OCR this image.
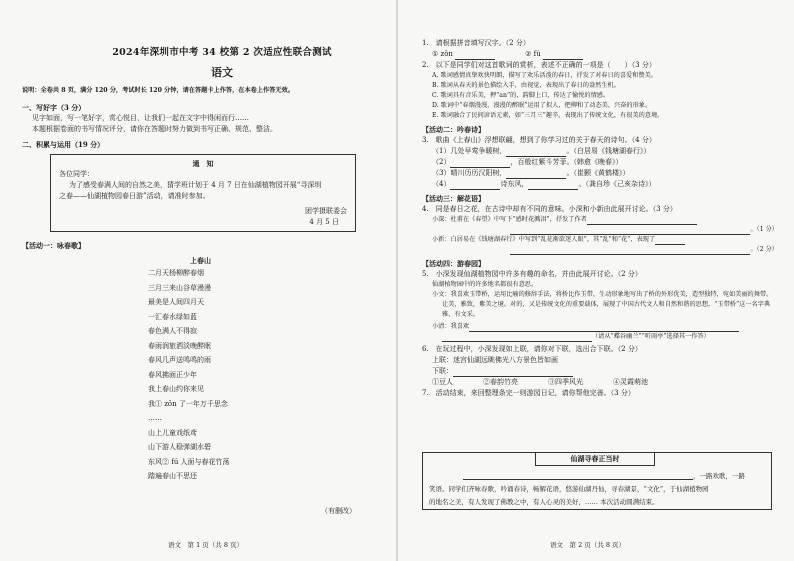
2024年深圳市中考 34 校第 2 次适应性联合测试
语文
说明：全卷共 8 页，满分 120 分，考试时长 120 分钟，请在答题卡上作答，在本卷上作答无效。
一、写好字（3 分）
见字如面，写一笔好字，赏心悦目，让我们一起在文字中得闲而行……
本题根据卷面的书写情况评分，请你在答题时努力做到书写正确、规范、整洁。
二、积累与运用（19 分）
通　知
各位同学：
为了感受春满人间的自然之美，猜学班计划于 4 月 7 日在仙湖植物园开展“寻深圳
之春——仙湖植物园春日游”活动，请准时参加。
团学摄联委会
4 月 5 日
【活动一：咏春歌】
上春山
二月天杨柳醉春烟
三月三来山谷草漫漫
最美是人间四月天
一汇春水绿如蓝
春色满人不得寂
春雨润旅洒淡晚醉眠
春风几声送鸣鸣的雨
春风拂面正少年
我上春山约你来见
我① zǒn 了一年万千思念
……
山上儿童戏纸鸢
山下游人稳弹湖水碧
东风② fú 人面与春花竹荡
踏遍春山不思还
（有删改）
语文　第 1 页（共 8 页）
1.　请根据拼音填写汉字。（2 分）
① zǒn	② fú
2.　以下是同学们对这首歌词的赏析，表述不正确的一项是（　　）（3 分）
A. 歌词感情真挚欢快明朗，描写了欢乐活泼的春日，抒发了对春日的喜爱和赞美。
B. 歌词从春天的景色描绘入手，由视觉，表现出了春日的盎然生机。
C. 歌词具有音乐美，押“an”的，韵脚上口，传达了愉悦的情感。
D. 歌词中“春烟漫漫，漫漫的醉眠”运用了拟人，把柳和了动态美，兴奋的形象。
E. 歌词融合了民间谚语元素，如“三月三”趣辛，表现出了传统文化，有很美的意境。
【活动二：吟春诗】
3.　歌曲《上春山》浮想联翩，想到了你学习过的关于春天的诗句。（4 分）
（1）几处早莺争暖树，	。（白居易《钱塘湖春行》）
（2）	，百般红紫斗芳菲。（韩愈《晚春》）
（3）晴川历历汉阳树，	。（崔颢《黄鹤楼》）
（4）	诗东风，	。（龚自珍《己亥杂诗》）
【活动三：解花语】
4.　同是春日之花，在古诗中却有不同的意味。小深和小新由此展开讨论。（3 分）
小深：杜甫在《春望》中写下“感时花溅泪”，抒发了作者
。（1 分）
小新：白居易在《钱塘湖春行》中写到“乱花渐欲迷人眼”，其“乱”和“花”，表现了
。（2 分）
【活动四：游春园】
5.　小深发现仙湖植物园中许多有趣的命名，并由此展开讨论。（2 分）
仙湖植物园中的许多地名都很有意思。
小文：我喜欢玉带桥，运用比喻的修辞手法，将桥比作玉带，生动形象地写出了桥的外形优美，造型独特，宛如美丽的舞带。
让美，雅致，紫美之境。对的，又是传统文化的重要载体，展现了中国古代文人和自然和谐的思想，“玉带桥”这一名字典雅、有文采。
小清：我喜欢
（请从“蝶谷幽兰”“听雨亭”选择其一作答）
6.　在玩过程中，小深发现如上联，请你对下联，选出合下联。（2 分）
上联：迷宫仙湖远眺佛光八方景色皆如画
下联：
①豆人	②春韵竹亮	③四季风光	④灵霞萌池
7.　活动结束，来回整理条完一则游园日记，请你帮他完善。（3 分）
仙湖寻春正当时
，一路欢歌，一路
笑语。同学们齐咏春歌，吟诵春诗，畅解花语，悠游仙湖丹仙，寻春湖景，“文化”，于仙湖植物园
的地名之美，有人发现了佛教之中，有人心灵的美好，…… 本次活动圆满结束。
语文　第 2 页（共 8 页）
